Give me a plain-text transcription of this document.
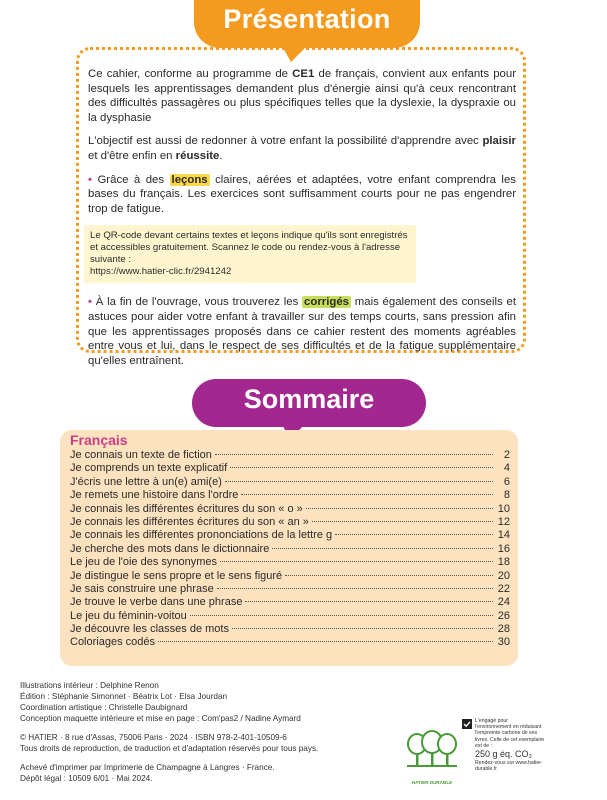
Présentation

Ce cahier, conforme au programme de CE1 de français, convient aux enfants pour lesquels les apprentissages demandent plus d'énergie ainsi qu'à ceux rencontrant des difficultés passagères ou plus spécifiques telles que la dyslexie, la dyspraxie ou la dysphasie

L'objectif est aussi de redonner à votre enfant la possibilité d'apprendre avec plaisir et d'être enfin en réussite.

• Grâce à des leçons claires, aérées et adaptées, votre enfant comprendra les bases du français. Les exercices sont suffisamment courts pour ne pas engendrer trop de fatigue.

Le QR-code devant certains textes et leçons indique qu'ils sont enregistrés et accessibles gratuitement. Scannez le code ou rendez-vous à l'adresse suivante :
https://www.hatier-clic.fr/2941242

• À la fin de l'ouvrage, vous trouverez les corrigés mais également des conseils et astuces pour aider votre enfant à travailler sur des temps courts, sans pression afin que les apprentissages proposés dans ce cahier restent des moments agréables entre vous et lui, dans le respect de ses difficultés et de la fatigue supplémentaire qu'elles entraînent.

Sommaire
Français
Je connais un texte de fiction	2
Je comprends un texte explicatif	4
J'écris une lettre à un(e) ami(e)	6
Je remets une histoire dans l'ordre	8
Je connais les différentes écritures du son « o »	10
Je connais les différentes écritures du son « an »	12
Je connais les différentes prononciations de la lettre g	14
Je cherche des mots dans le dictionnaire	16
Le jeu de l'oie des synonymes	18
Je distingue le sens propre et le sens figuré	20
Je sais construire une phrase	22
Je trouve le verbe dans une phrase	24
Le jeu du féminin-voitou	26
Je découvre les classes de mots	28
Coloriages codés	30
Illustrations intérieur : Delphine Renon
Édition : Stéphanie Simonnet · Béatrix Lot · Elsa Jourdan
Coordination artistique : Christelle Daubignard
Conception maquette intérieure et mise en page : Com'pas2 / Nadine Aymard
© HATIER · 8 rue d'Assas, 75006 Paris · 2024 · ISBN 978-2-401-10509-6
Tous droits de reproduction, de traduction et d'adaptation réservés pour tous pays.
Achevé d'imprimer par Imprimerie de Champagne à Langres · France.
Dépôt légal : 10509 6/01 · Mai 2024.	HATIER DURABLE
L'engagé pour l'environnement en réduisant l'empreinte carbone de ses livres. Celle de cet exemplaire est de :
250 g éq. CO₂
Rendez-vous sur www.hatier-durable.fr
